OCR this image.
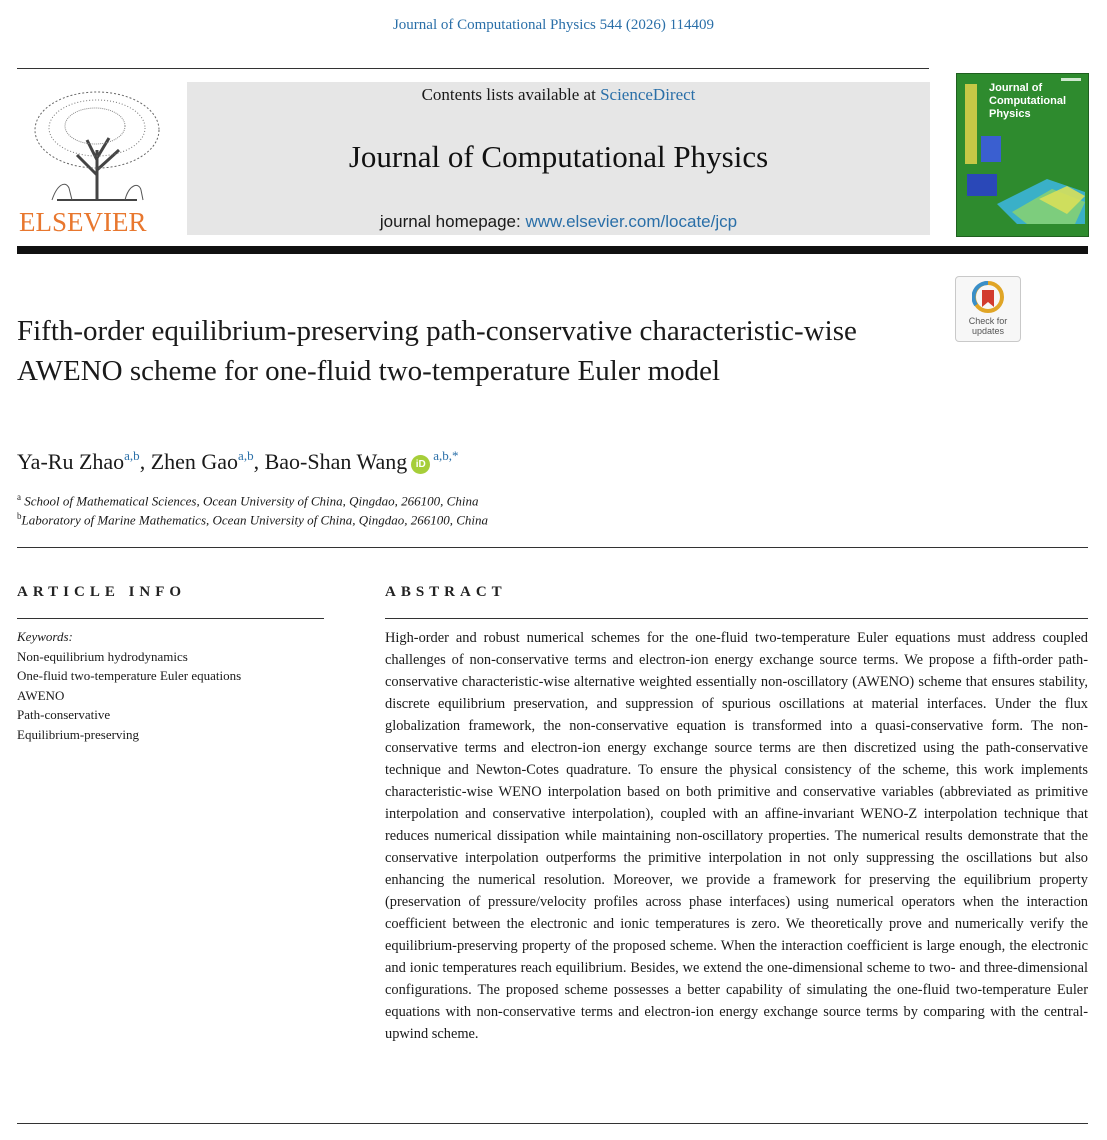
Journal of Computational Physics 544 (2026) 114409
ELSEVIER
Contents lists available at ScienceDirect
Journal of Computational Physics
journal homepage: www.elsevier.com/locate/jcp
Journal of Computational Physics
Check for updates
Fifth-order equilibrium-preserving path-conservative characteristic-wise AWENO scheme for one-fluid two-temperature Euler model
Ya-Ru Zhao$^{a,b}$, Zhen Gao$^{a,b}$, Bao-Shan Wang $iD^{a,b,*}$
$^a$ School of Mathematical Sciences, Ocean University of China, Qingdao, 266100, China
$^b$Laboratory of Marine Mathematics, Ocean University of China, Qingdao, 266100, China
ARTICLE INFO	ABSTRACT
Keywords:
Non-equilibrium hydrodynamics
One-fluid two-temperature Euler equations
AWENO
Path-conservative
Equilibrium-preserving
High-order and robust numerical schemes for the one-fluid two-temperature Euler equations must address coupled challenges of non-conservative terms and electron-ion energy exchange source terms. We propose a fifth-order path-conservative characteristic-wise alternative weighted essentially non-oscillatory (AWENO) scheme that ensures stability, discrete equilibrium preservation, and suppression of spurious oscillations at material interfaces. Under the flux globalization framework, the non-conservative equation is transformed into a quasi-conservative form. The non-conservative terms and electron-ion energy exchange source terms are then discretized using the path-conservative technique and Newton-Cotes quadrature. To ensure the physical consistency of the scheme, this work implements characteristic-wise WENO interpolation based on both primitive and conservative variables (abbreviated as primitive interpolation and conservative interpolation), coupled with an affine-invariant WENO-Z interpolation technique that reduces numerical dissipation while maintaining non-oscillatory properties. The numerical results demonstrate that the conservative interpolation outperforms the primitive interpolation in not only suppressing the oscillations but also enhancing the numerical resolution. Moreover, we provide a framework for preserving the equilibrium property (preservation of pressure/velocity profiles across phase interfaces) using numerical operators when the interaction coefficient between the electronic and ionic temperatures is zero. We theoretically prove and numerically verify the equilibrium-preserving property of the proposed scheme. When the interaction coefficient is large enough, the electronic and ionic temperatures reach equilibrium. Besides, we extend the one-dimensional scheme to two- and three-dimensional configurations. The proposed scheme possesses a better capability of simulating the one-fluid two-temperature Euler equations with non-conservative terms and electron-ion energy exchange source terms by comparing with the central-upwind scheme.
